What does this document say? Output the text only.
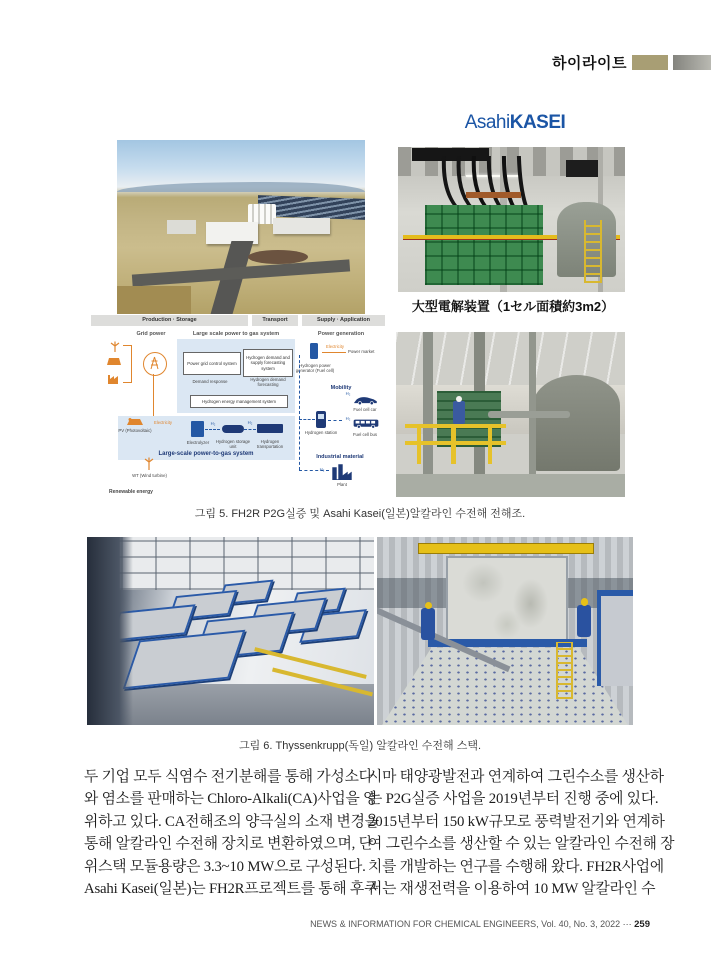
하이라이트
AsahiKASEI
大型電解装置（1セル面積約3m2）
Production · Storage	Transport	Supply · Application
Grid power	Large scale power to gas system	Power generation
Power grid control system
Hydrogen demand and supply forecasting system
Demand response	Hydrogen demand forecasting
Hydrogen energy management system
Electrolyzer
H₂
Hydrogen storage unit
H₂
Hydrogen transportation
Large-scale power-to-gas system
PV (Photovoltaic)
Electricity
WT (Wind turbine)
Renewable energy
Electricity
Power market
Hydrogen power generator (Fuel cell)
Mobility
H₂
Fuel cell car
Hydrogen station
H₂
Fuel cell bus
Industrial material
H₂
Plant
그림 5. FH2R P2G실증 및 Asahi Kasei(일본)알칼라인 수전해 전해조.
그림 6. Thyssenkrupp(독일) 알칼라인 수전해 스택.
두 기업 모두 식염수 전기분해를 통해 가성소다
와 염소를 판매하는 Chloro-Alkali(CA)사업을 영
위하고 있다. CA전해조의 양극실의 소재 변경을
통해 알칼라인 수전해 장치로 변환하였으며, 단
위스택 모듈용량은 3.3~10 MW으로 구성된다.
Asahi Kasei(일본)는 FH2R프로젝트를 통해 후쿠
시마 태양광발전과 연계하여 그린수소를 생산하
는 P2G실증 사업을 2019년부터 진행 중에 있다.
2015년부터 150 kW규모로 풍력발전기와 연계하
여 그린수소를 생산할 수 있는 알칼라인 수전해 장
치를 개발하는 연구를 수행해 왔다. FH2R사업에
서는 재생전력을 이용하여 10 MW 알칼라인 수
NEWS & INFORMATION FOR CHEMICAL ENGINEERS, Vol. 40, No. 3, 2022 ⋯ 259
